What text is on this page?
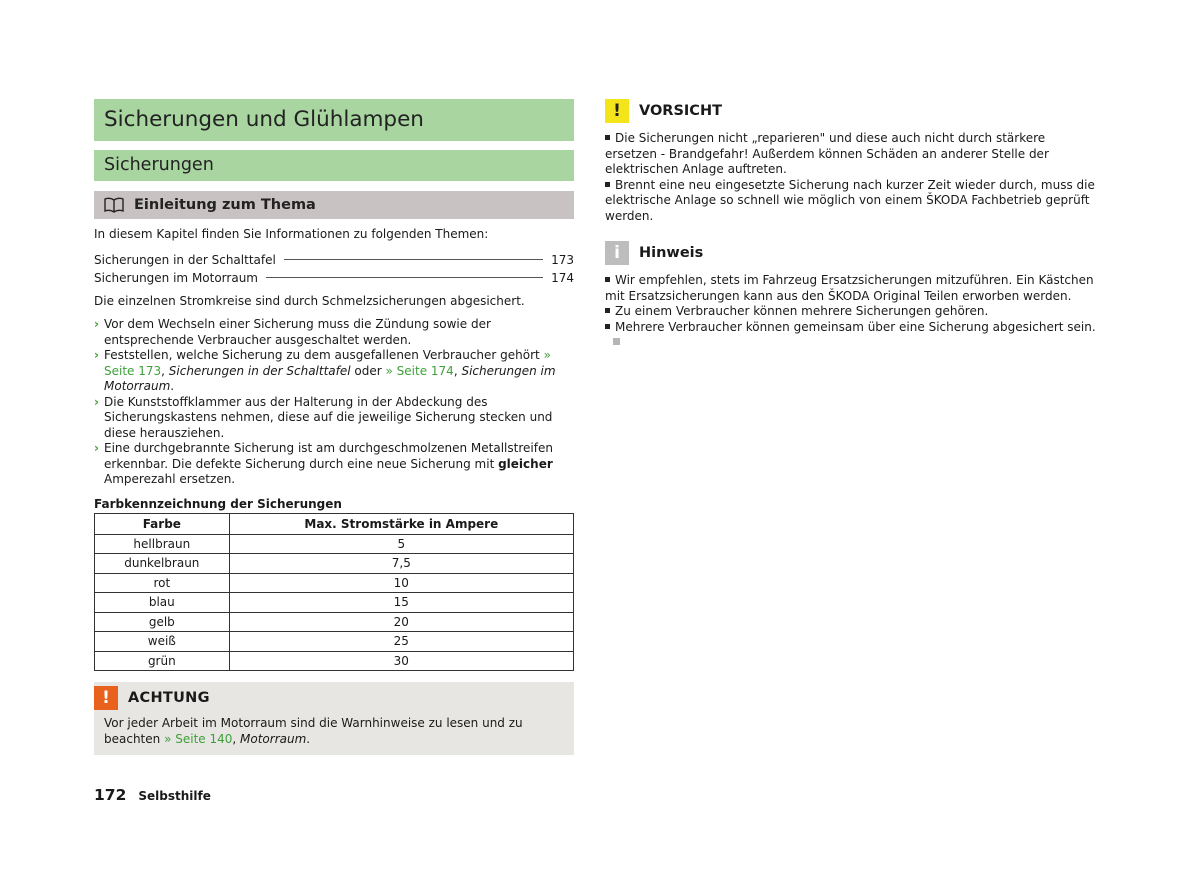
Sicherungen und Glühlampen
Sicherungen
Einleitung zum Thema

In diesem Kapitel finden Sie Informationen zu folgenden Themen:

Sicherungen in der Schalttafel	173
Sicherungen im Motorraum	174

Die einzelnen Stromkreise sind durch Schmelzsicherungen abgesichert.

› Vor dem Wechseln einer Sicherung muss die Zündung sowie der entsprechende Verbraucher ausgeschaltet werden.
› Feststellen, welche Sicherung zu dem ausgefallenen Verbraucher gehört » Seite 173, Sicherungen in der Schalttafel oder » Seite 174, Sicherungen im Motorraum.
› Die Kunststoffklammer aus der Halterung in der Abdeckung des Sicherungskastens nehmen, diese auf die jeweilige Sicherung stecken und diese herausziehen.
› Eine durchgebrannte Sicherung ist am durchgeschmolzenen Metallstreifen erkennbar. Die defekte Sicherung durch eine neue Sicherung mit gleicher Amperezahl ersetzen.
Farbkennzeichnung der Sicherungen
Farbe	Max. Stromstärke in Ampere
hellbraun	5
dunkelbraun	7,5
rot	10
blau	15
gelb	20
weiß	25
grün	30
!	ACHTUNG

Vor jeder Arbeit im Motorraum sind die Warnhinweise zu lesen und zu beachten » Seite 140, Motorraum.

!	VORSICHT

Die Sicherungen nicht „reparieren" und diese auch nicht durch stärkere ersetzen - Brandgefahr! Außerdem können Schäden an anderer Stelle der elektrischen Anlage auftreten.

Brennt eine neu eingesetzte Sicherung nach kurzer Zeit wieder durch, muss die elektrische Anlage so schnell wie möglich von einem ŠKODA Fachbetrieb geprüft werden.

i	Hinweis

Wir empfehlen, stets im Fahrzeug Ersatzsicherungen mitzuführen. Ein Kästchen mit Ersatzsicherungen kann aus den ŠKODA Original Teilen erworben werden.

Zu einem Verbraucher können mehrere Sicherungen gehören.

Mehrere Verbraucher können gemeinsam über eine Sicherung abgesichert sein.

172 Selbsthilfe
